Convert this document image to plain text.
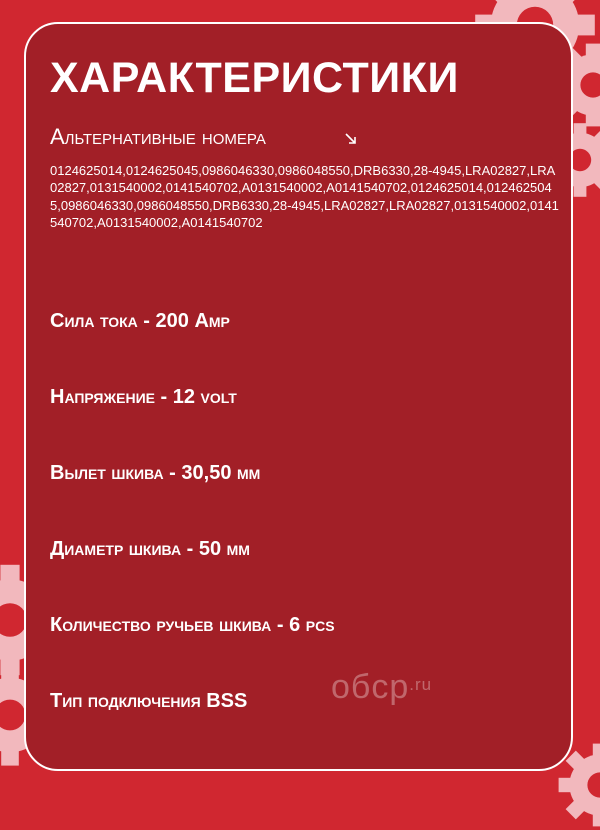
ХАРАКТЕРИСТИКИ
Альтернативные номера
0124625014,0124625045,0986046330,0986048550,DRB6330,28-4945,LRA02827,LRA02827,0131540002,0141540702,A0131540002,A0141540702,0124625014,0124625045,0986046330,0986048550,DRB6330,28-4945,LRA02827,LRA02827,0131540002,0141540702,A0131540002,A0141540702
Сила тока - 200 Amp
Напряжение - 12 volt
Вылет шкива - 30,50 мм
Диаметр шкива - 50 мм
Количество ручьев шкива - 6 pcs
Тип подключения BSS oбcp$^{.ru}$
